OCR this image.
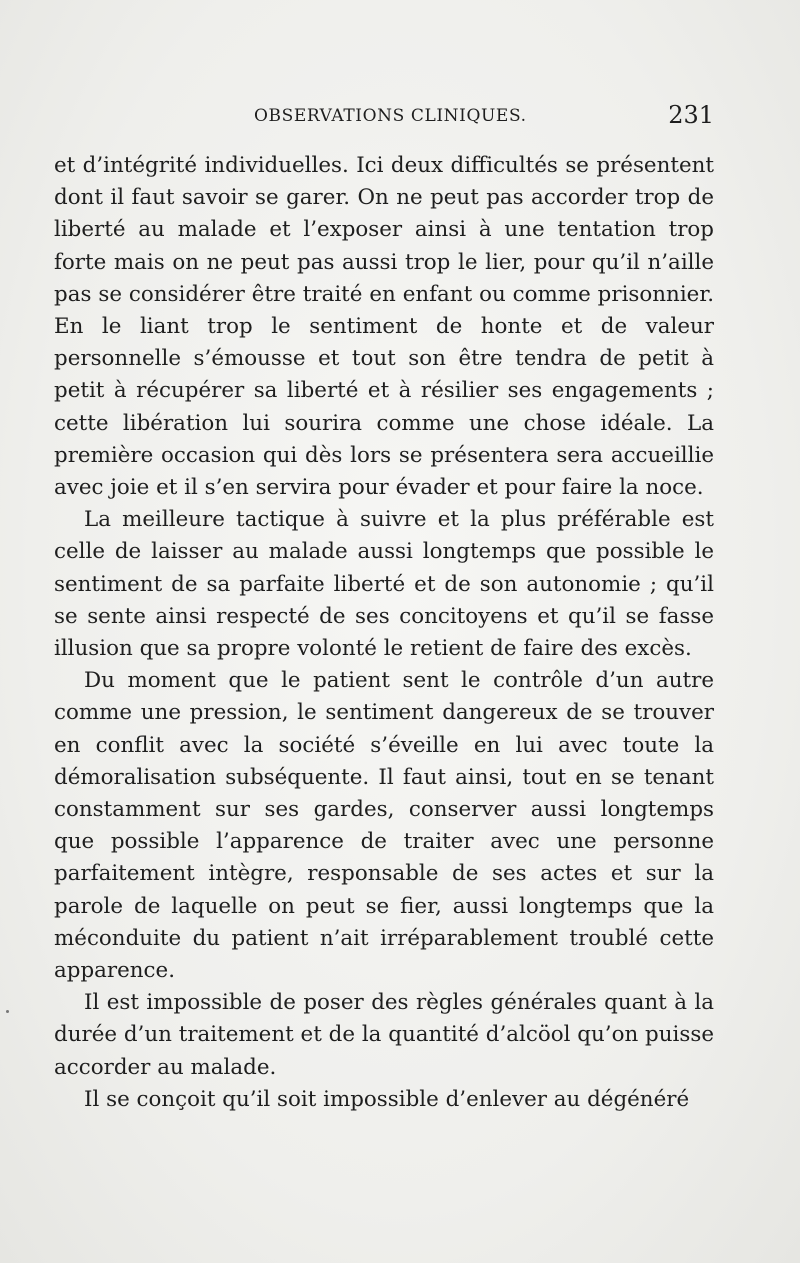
OBSERVATIONS CLINIQUES.	231

et d’intégrité individuelles. Ici deux difficultés se présentent dont il faut savoir se garer. On ne peut pas accorder trop de liberté au malade et l’exposer ainsi à une tentation trop forte mais on ne peut pas aussi trop le lier, pour qu’il n’aille pas se considérer être traité en enfant ou comme prisonnier. En le liant trop le sentiment de honte et de valeur personnelle s’émousse et tout son être tendra de petit à petit à récupérer sa liberté et à résilier ses engagements ; cette libération lui sourira comme une chose idéale. La première occasion qui dès lors se présentera sera accueillie avec joie et il s’en servira pour évader et pour faire la noce.

La meilleure tactique à suivre et la plus préférable est celle de laisser au malade aussi longtemps que possible le sentiment de sa parfaite liberté et de son autonomie ; qu’il se sente ainsi respecté de ses concitoyens et qu’il se fasse illusion que sa propre volonté le retient de faire des excès.

Du moment que le patient sent le contrôle d’un autre comme une pression, le sentiment dangereux de se trouver en conflit avec la société s’éveille en lui avec toute la démoralisation subséquente. Il faut ainsi, tout en se tenant constamment sur ses gardes, conserver aussi longtemps que possible l’apparence de traiter avec une personne parfaitement intègre, responsable de ses actes et sur la parole de laquelle on peut se fier, aussi longtemps que la méconduite du patient n’ait irréparablement troublé cette apparence.

Il est impossible de poser des règles générales quant à la durée d’un traitement et de la quantité d’alcöol qu’on puisse accorder au malade.

Il se conçoit qu’il soit impossible d’enlever au dégénéré
